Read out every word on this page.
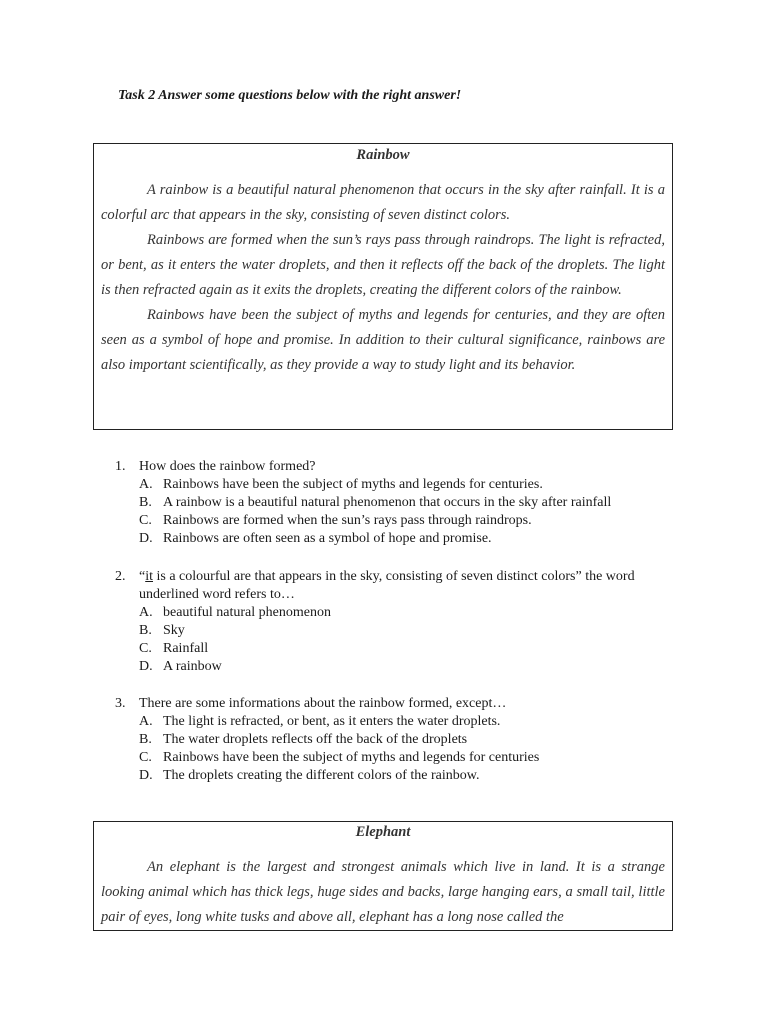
Task 2 Answer some questions below with the right answer!

Rainbow

A rainbow is a beautiful natural phenomenon that occurs in the sky after rainfall. It is a colorful arc that appears in the sky, consisting of seven distinct colors.

Rainbows are formed when the sun’s rays pass through raindrops. The light is refracted, or bent, as it enters the water droplets, and then it reflects off the back of the droplets. The light is then refracted again as it exits the droplets, creating the different colors of the rainbow.

Rainbows have been the subject of myths and legends for centuries, and they are often seen as a symbol of hope and promise. In addition to their cultural significance, rainbows are also important scientifically, as they provide a way to study light and its behavior.

1. How does the rainbow formed?

A. Rainbows have been the subject of myths and legends for centuries.
B. A rainbow is a beautiful natural phenomenon that occurs in the sky after rainfall
C. Rainbows are formed when the sun’s rays pass through raindrops.
D. Rainbows are often seen as a symbol of hope and promise.
2. “it is a colourful are that appears in the sky, consisting of seven distinct colors” the word underlined word refers to…

A. beautiful natural phenomenon
B. Sky
C. Rainfall
D. A rainbow
3. There are some informations about the rainbow formed, except…

A. The light is refracted, or bent, as it enters the water droplets.
B. The water droplets reflects off the back of the droplets
C. Rainbows have been the subject of myths and legends for centuries
D. The droplets creating the different colors of the rainbow.

Elephant

An elephant is the largest and strongest animals which live in land. It is a strange looking animal which has thick legs, huge sides and backs, large hanging ears, a small tail, little pair of eyes, long white tusks and above all, elephant has a long nose called the
